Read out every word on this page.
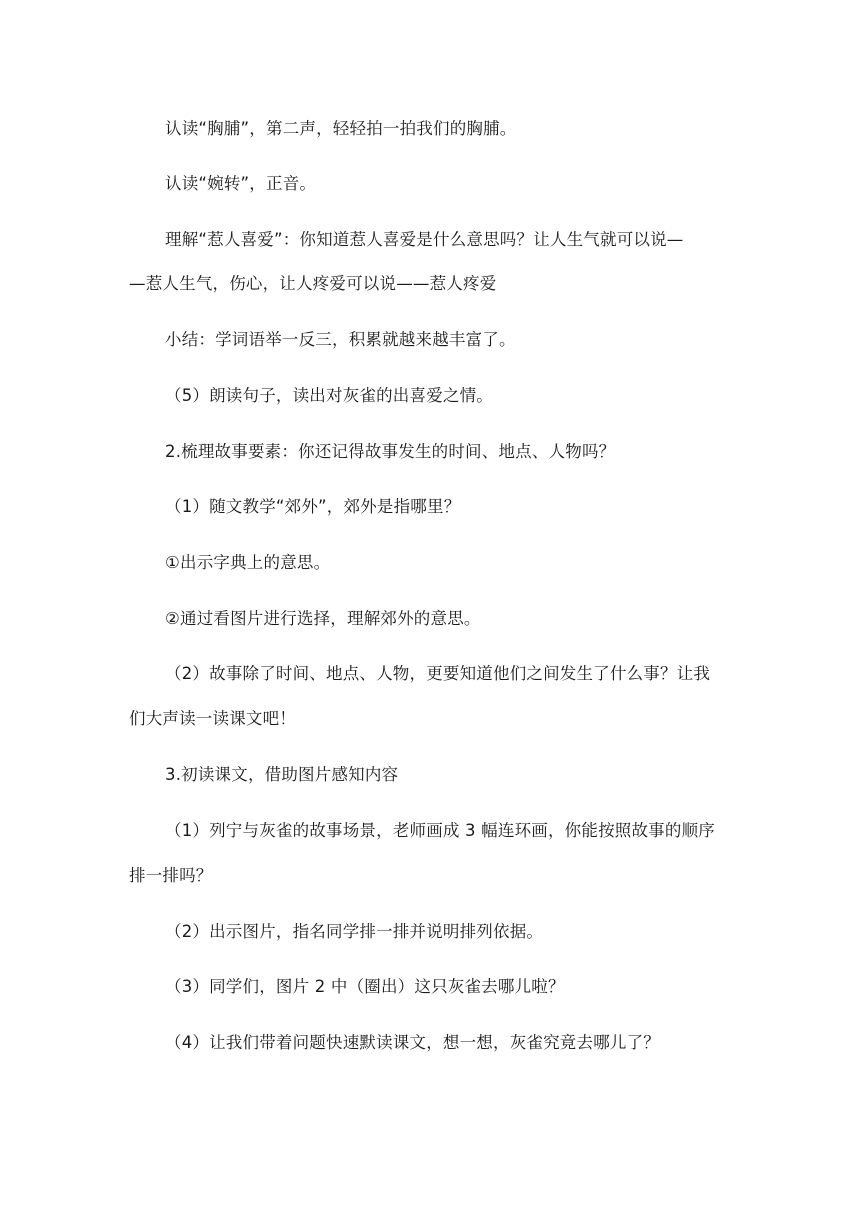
认读“胸脯”，第二声，轻轻拍一拍我们的胸脯。
认读“婉转”，正音。
理解“惹人喜爱”：你知道惹人喜爱是什么意思吗？让人生气就可以说—
—惹人生气，伤心，让人疼爱可以说——惹人疼爱
小结：学词语举一反三，积累就越来越丰富了。
（5）朗读句子，读出对灰雀的出喜爱之情。
2.梳理故事要素：你还记得故事发生的时间、地点、人物吗？
（1）随文教学“郊外”，郊外是指哪里？
①出示字典上的意思。
②通过看图片进行选择，理解郊外的意思。
（2）故事除了时间、地点、人物，更要知道他们之间发生了什么事？让我
们大声读一读课文吧！
3.初读课文，借助图片感知内容
（1）列宁与灰雀的故事场景，老师画成 3 幅连环画，你能按照故事的顺序
排一排吗？
（2）出示图片，指名同学排一排并说明排列依据。
（3）同学们，图片 2 中（圈出）这只灰雀去哪儿啦？
（4）让我们带着问题快速默读课文，想一想，灰雀究竟去哪儿了？
